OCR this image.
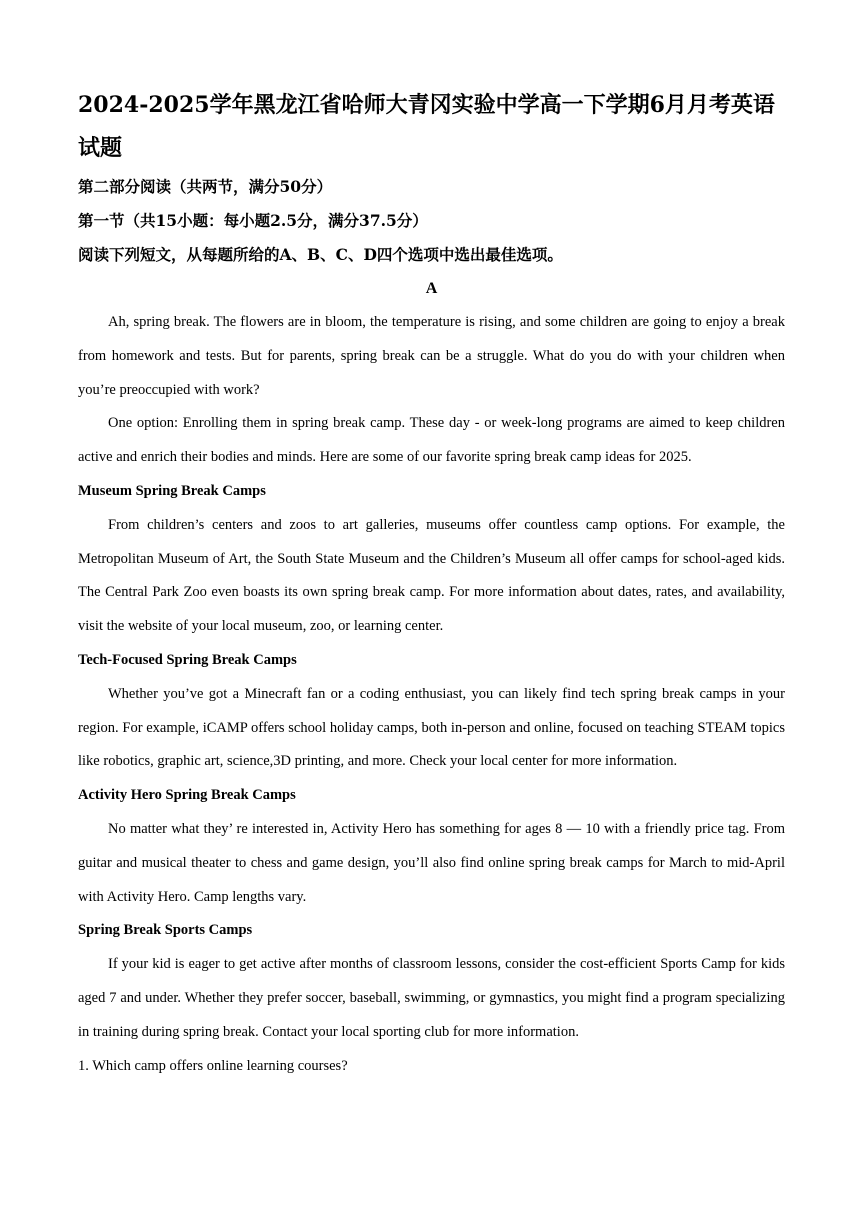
2024-2025学年黑龙江省哈师大青冈实验中学高一下学期6月月考英语试题

第二部分阅读（共两节，满分50分）

第一节（共15小题：每小题2.5分，满分37.5分）

阅读下列短文，从每题所给的A、B、C、D四个选项中选出最佳选项。

A

Ah, spring break. The flowers are in bloom, the temperature is rising, and some children are going to enjoy a break from homework and tests. But for parents, spring break can be a struggle. What do you do with your children when you’re preoccupied with work?

One option: Enrolling them in spring break camp. These day - or week-long programs are aimed to keep children active and enrich their bodies and minds. Here are some of our favorite spring break camp ideas for 2025.

Museum Spring Break Camps

From children’s centers and zoos to art galleries, museums offer countless camp options. For example, the Metropolitan Museum of Art, the South State Museum and the Children’s Museum all offer camps for school-aged kids. The Central Park Zoo even boasts its own spring break camp. For more information about dates, rates, and availability, visit the website of your local museum, zoo, or learning center.

Tech-Focused Spring Break Camps

Whether you’ve got a Minecraft fan or a coding enthusiast, you can likely find tech spring break camps in your region. For example, iCAMP offers school holiday camps, both in-person and online, focused on teaching STEAM topics like robotics, graphic art, science,3D printing, and more. Check your local center for more information.

Activity Hero Spring Break Camps

No matter what they’ re interested in, Activity Hero has something for ages 8 — 10 with a friendly price tag. From guitar and musical theater to chess and game design, you’ll also find online spring break camps for March to mid-April with Activity Hero. Camp lengths vary.

Spring Break Sports Camps

If your kid is eager to get active after months of classroom lessons, consider the cost-efficient Sports Camp for kids aged 7 and under. Whether they prefer soccer, baseball, swimming, or gymnastics, you might find a program specializing in training during spring break. Contact your local sporting club for more information.

1. Which camp offers online learning courses?
